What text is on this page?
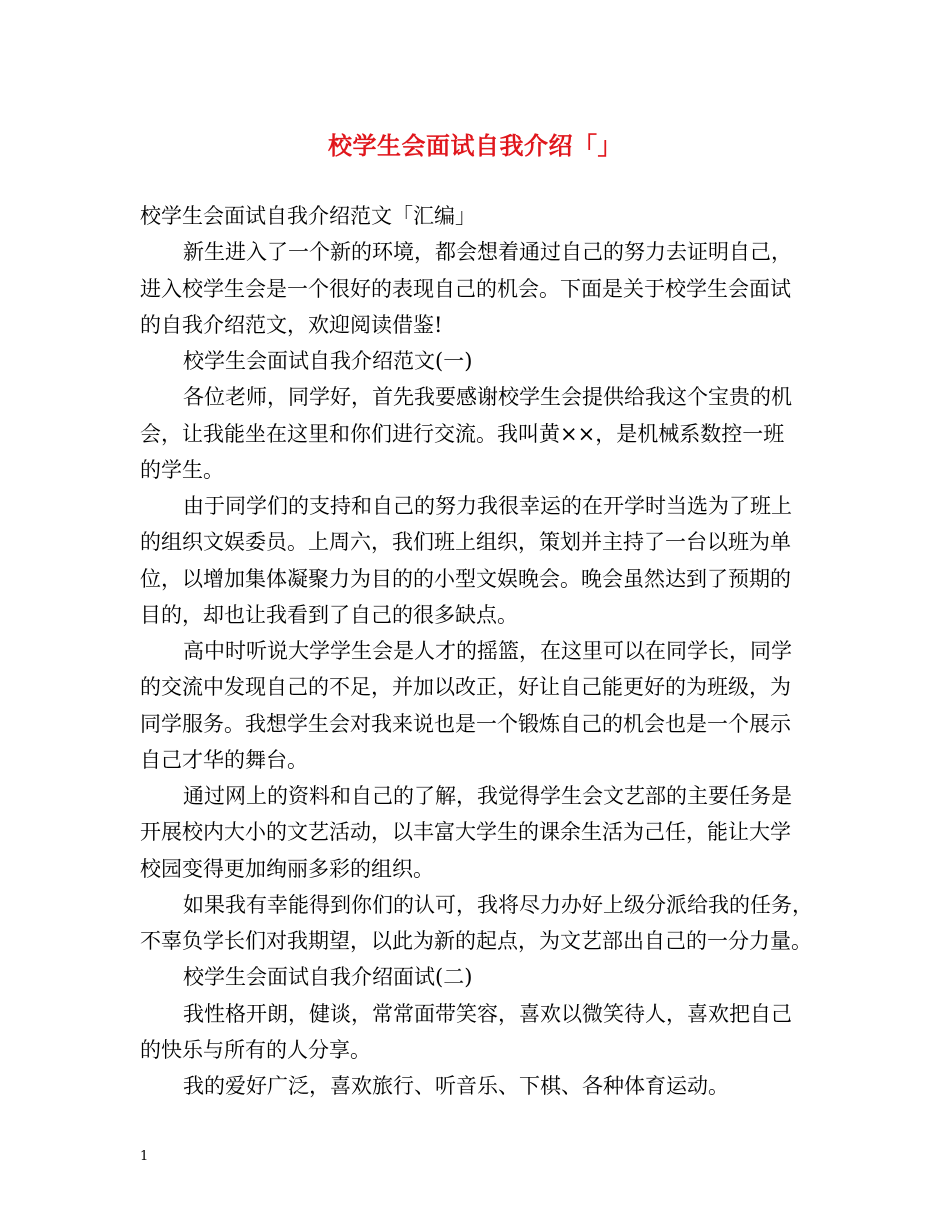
校学生会面试自我介绍「」
校学生会面试自我介绍范文「汇编」
新生进入了一个新的环境，都会想着通过自己的努力去证明自己，
进入校学生会是一个很好的表现自己的机会。下面是关于校学生会面试
的自我介绍范文，欢迎阅读借鉴!
校学生会面试自我介绍范文(一)
各位老师，同学好，首先我要感谢校学生会提供给我这个宝贵的机
会，让我能坐在这里和你们进行交流。我叫黄××，是机械系数控一班
的学生。
由于同学们的支持和自己的努力我很幸运的在开学时当选为了班上
的组织文娱委员。上周六，我们班上组织，策划并主持了一台以班为单
位，以增加集体凝聚力为目的的小型文娱晚会。晚会虽然达到了预期的
目的，却也让我看到了自己的很多缺点。
高中时听说大学学生会是人才的摇篮，在这里可以在同学长，同学
的交流中发现自己的不足，并加以改正，好让自己能更好的为班级，为
同学服务。我想学生会对我来说也是一个锻炼自己的机会也是一个展示
自己才华的舞台。
通过网上的资料和自己的了解，我觉得学生会文艺部的主要任务是
开展校内大小的文艺活动，以丰富大学生的课余生活为己任，能让大学
校园变得更加绚丽多彩的组织。
如果我有幸能得到你们的认可，我将尽力办好上级分派给我的任务，
不辜负学长们对我期望，以此为新的起点，为文艺部出自己的一分力量。
校学生会面试自我介绍面试(二)
我性格开朗，健谈，常常面带笑容，喜欢以微笑待人，喜欢把自己
的快乐与所有的人分享。
我的爱好广泛，喜欢旅行、听音乐、下棋、各种体育运动。
1
